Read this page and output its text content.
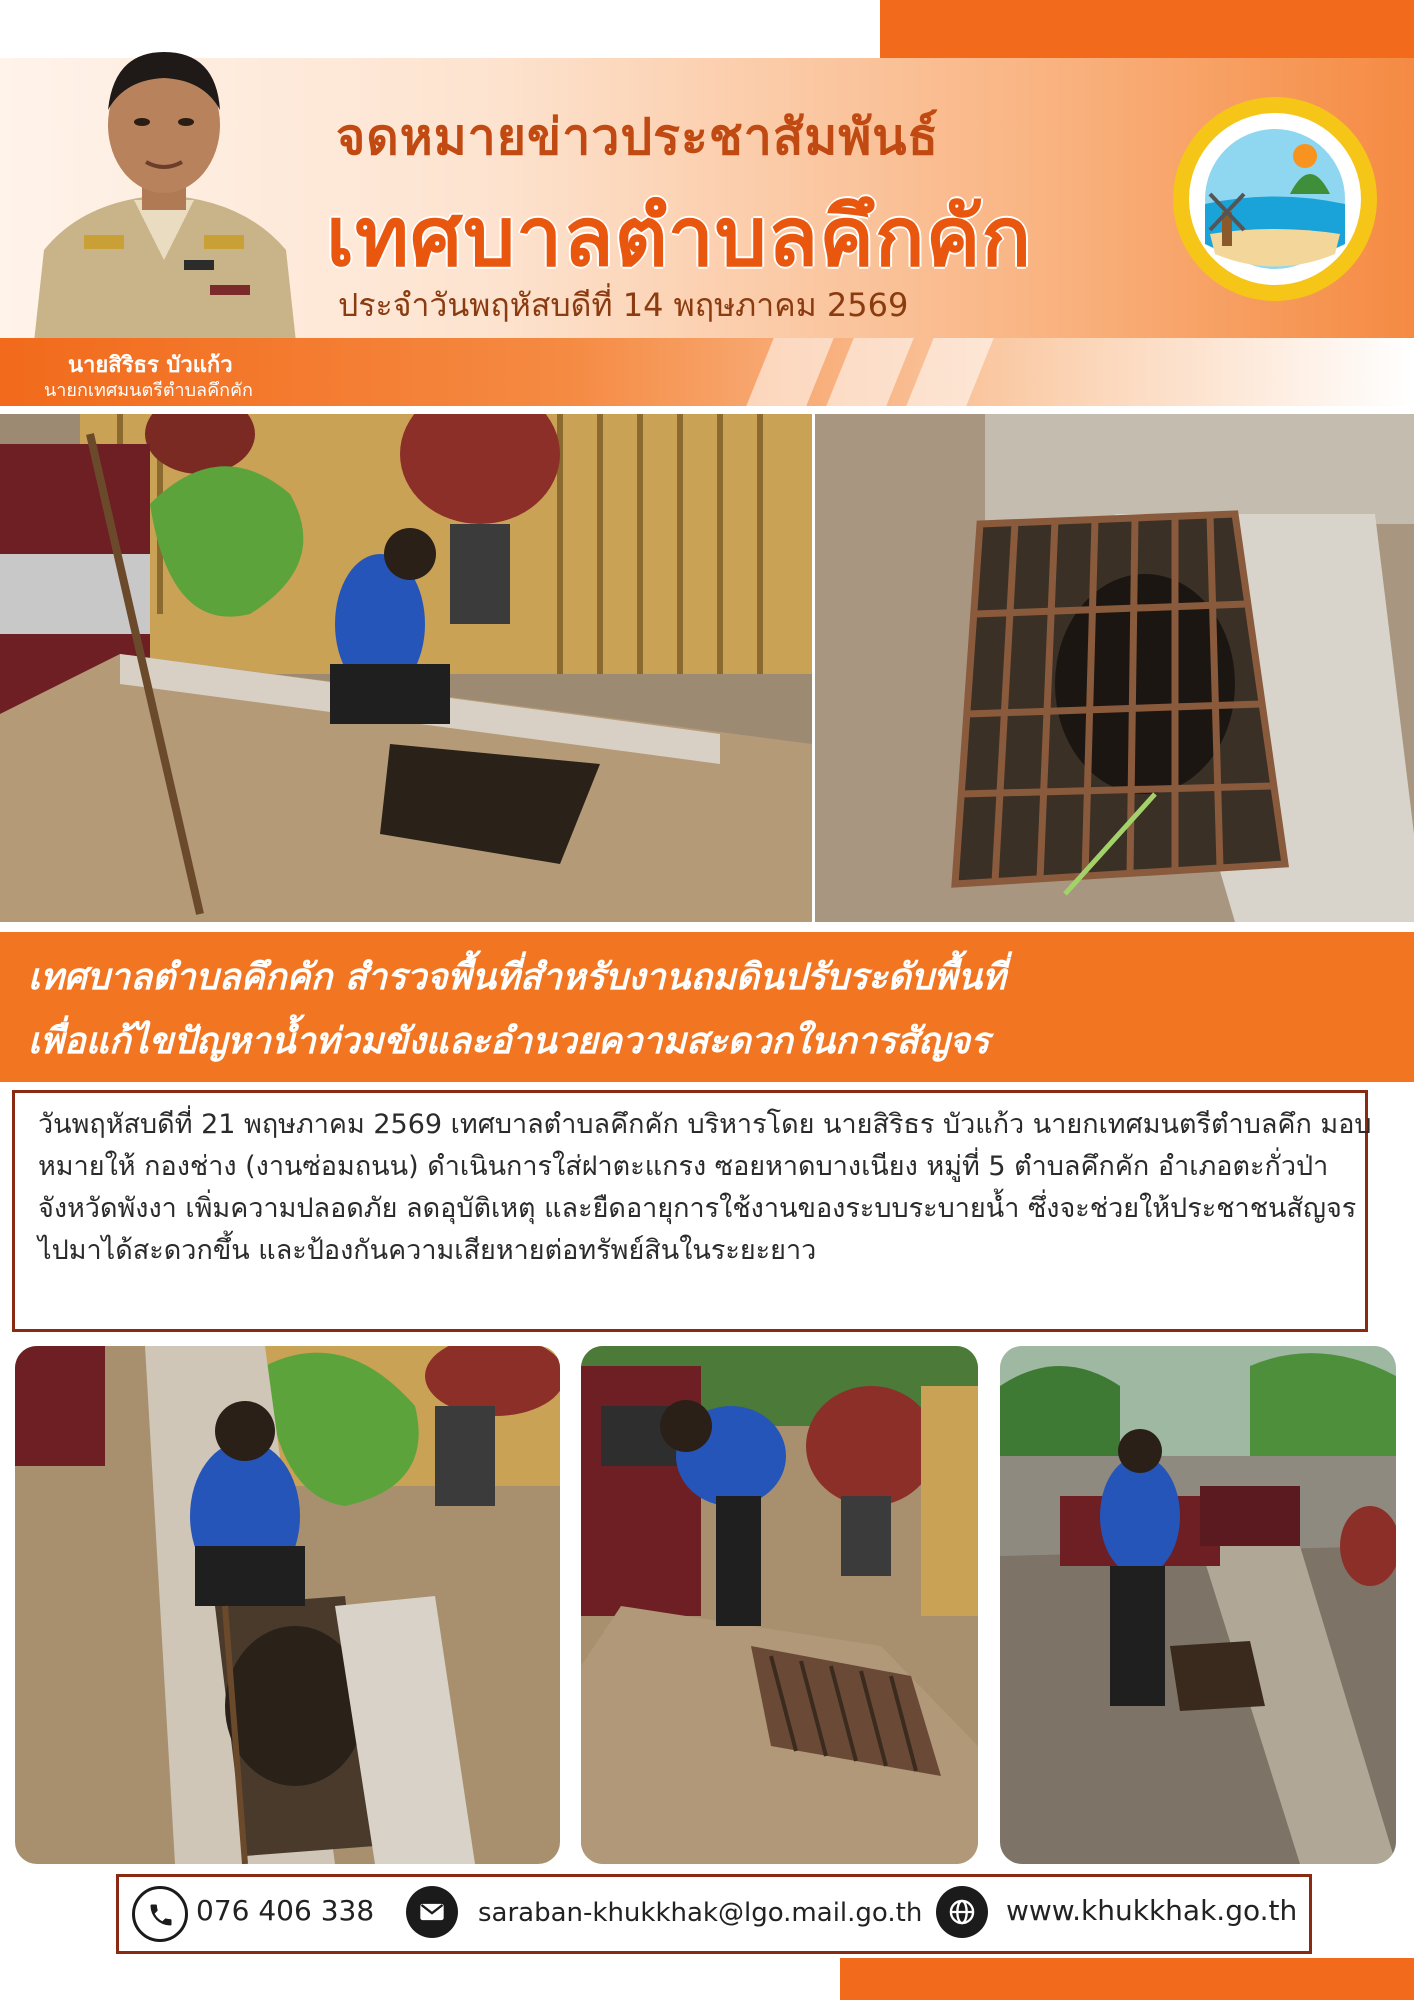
จดหมายข่าวประชาสัมพันธ์
เทศบาลตำบลคึกคัก
ประจำวันพฤหัสบดีที่ 14 พฤษภาคม 2569
นายสิริธร บัวแก้ว
นายกเทศมนตรีตำบลคึกคัก
เทศบาลตำบลคึกคัก สำรวจพื้นที่สำหรับงานถมดินปรับระดับพื้นที่
เพื่อแก้ไขปัญหาน้ำท่วมขังและอำนวยความสะดวกในการสัญจร
วันพฤหัสบดีที่ 21 พฤษภาคม 2569 เทศบาลตำบลคึกคัก บริหารโดย นายสิริธร บัวแก้ว นายกเทศมนตรีตำบลคึก มอบหมายให้ กองช่าง (งานซ่อมถนน) ดำเนินการใส่ฝาตะแกรง ซอยหาดบางเนียง หมู่ที่ 5 ตำบลคึกคัก อำเภอตะกั่วป่า จังหวัดพังงา เพิ่มความปลอดภัย ลดอุบัติเหตุ และยืดอายุการใช้งานของระบบระบายน้ำ ซึ่งจะช่วยให้ประชาชนสัญจรไปมาได้สะดวกขึ้น และป้องกันความเสียหายต่อทรัพย์สินในระยะยาว
076 406 338	saraban-khukkhak@lgo.mail.go.th	www.khukkhak.go.th
